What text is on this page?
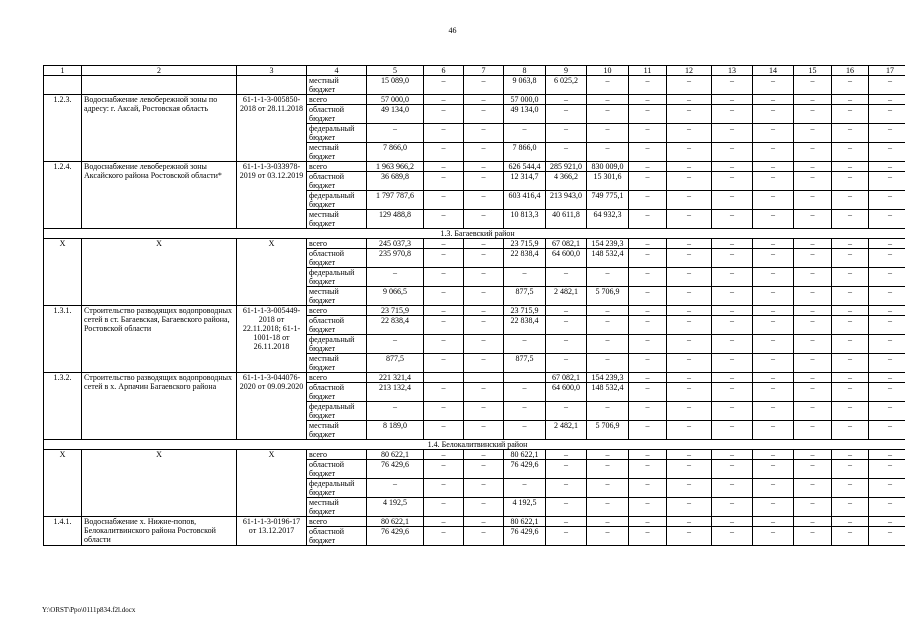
46
1	2	3	4	5	6	7	8	9	10	11	12	13	14	15	16	17
			местный бюджет	15 089,0	–	–	9 063,8	6 025,2	–	–	–	–	–	–	–	–
1.2.3.	Водоснабжение левобережной зоны по адресу: г. Аксай, Ростовская область	61-1-1-3-005850-2018 от 28.11.2018	всего	57 000,0	–	–	57 000,0	–	–	–	–	–	–	–	–	–
			областной бюджет	49 134,0	–	–	49 134,0	–	–	–	–	–	–	–	–	–
			федеральный бюджет	–	–	–	–	–	–	–	–	–	–	–	–	–
			местный бюджет	7 866,0	–	–	7 866,0	–	–	–	–	–	–	–	–	–
1.2.4.	Водоснабжение левобережной зоны Аксайского района Ростовской области*	61-1-1-3-033978-2019 от 03.12.2019	всего	1 963 966,2	–	–	626 544,4	285 921,0	830 009,0	–	–	–	–	–	–	–
			областной бюджет	36 689,8	–	–	12 314,7	4 366,2	15 301,6	–	–	–	–	–	–	–
			федеральный бюджет	1 797 787,6	–	–	603 416,4	213 943,0	749 775,1	–	–	–	–	–	–	–
			местный бюджет	129 488,8	–	–	10 813,3	40 611,8	64 932,3	–	–	–	–	–	–	–
1.3. Багаевский район																
X	X	X	всего	245 037,3	–	–	23 715,9	67 082,1	154 239,3	–	–	–	–	–	–	–
			областной бюджет	235 970,8	–	–	22 838,4	64 600,0	148 532,4	–	–	–	–	–	–	–
			федеральный бюджет	–	–	–	–	–	–	–	–	–	–	–	–	–
			местный бюджет	9 066,5	–	–	877,5	2 482,1	5 706,9	–	–	–	–	–	–	–
1.3.1.	Строительство разводящих водопроводных сетей в ст. Багаевская, Багаевского района, Ростовской области	61-1-1-3-005449-2018 от 22.11.2018; 61-1-1001-18 от 26.11.2018	всего	23 715,9	–	–	23 715,9	–	–	–	–	–	–	–	–	–
			областной бюджет	22 838,4	–	–	22 838,4	–	–	–	–	–	–	–	–	–
			федеральный бюджет	–	–	–	–	–	–	–	–	–	–	–	–	–
			местный бюджет	877,5	–	–	877,5	–	–	–	–	–	–	–	–	–
1.3.2.	Строительство разводящих водопроводных сетей в х. Арпачин Багаевского района	61-1-1-3-044076-2020 от 09.09.2020	всего	221 321,4				67 082,1	154 239,3	–	–	–	–	–	–	–
			областной бюджет	213 132,4	–	–	–	64 600,0	148 532,4	–	–	–	–	–	–	–
			федеральный бюджет	–	–	–	–	–	–	–	–	–	–	–	–	–
			местный бюджет	8 189,0	–	–	–	2 482,1	5 706,9	–	–	–	–	–	–	–
1.4. Белокалитвинский район																
X	X	X	всего	80 622,1	–	–	80 622,1	–	–	–	–	–	–	–	–	–
			областной бюджет	76 429,6	–	–	76 429,6	–	–	–	–	–	–	–	–	–
			федеральный бюджет	–	–	–	–	–	–	–	–	–	–	–	–	–
			местный бюджет	4 192,5	–	–	4 192,5	–	–	–	–	–	–	–	–	–
1.4.1.	Водоснабжение х. Нижне-попов, Белокалитвинского района Ростовской области	61-1-1-3-0196-17 от 13.12.2017	всего	80 622,1	–	–	80 622,1	–	–	–	–	–	–	–	–	–
			областной бюджет	76 429,6	–	–	76 429,6	–	–	–	–	–	–	–	–	–
Y:\ORST\Ppo\0111p834.f2l.docx
